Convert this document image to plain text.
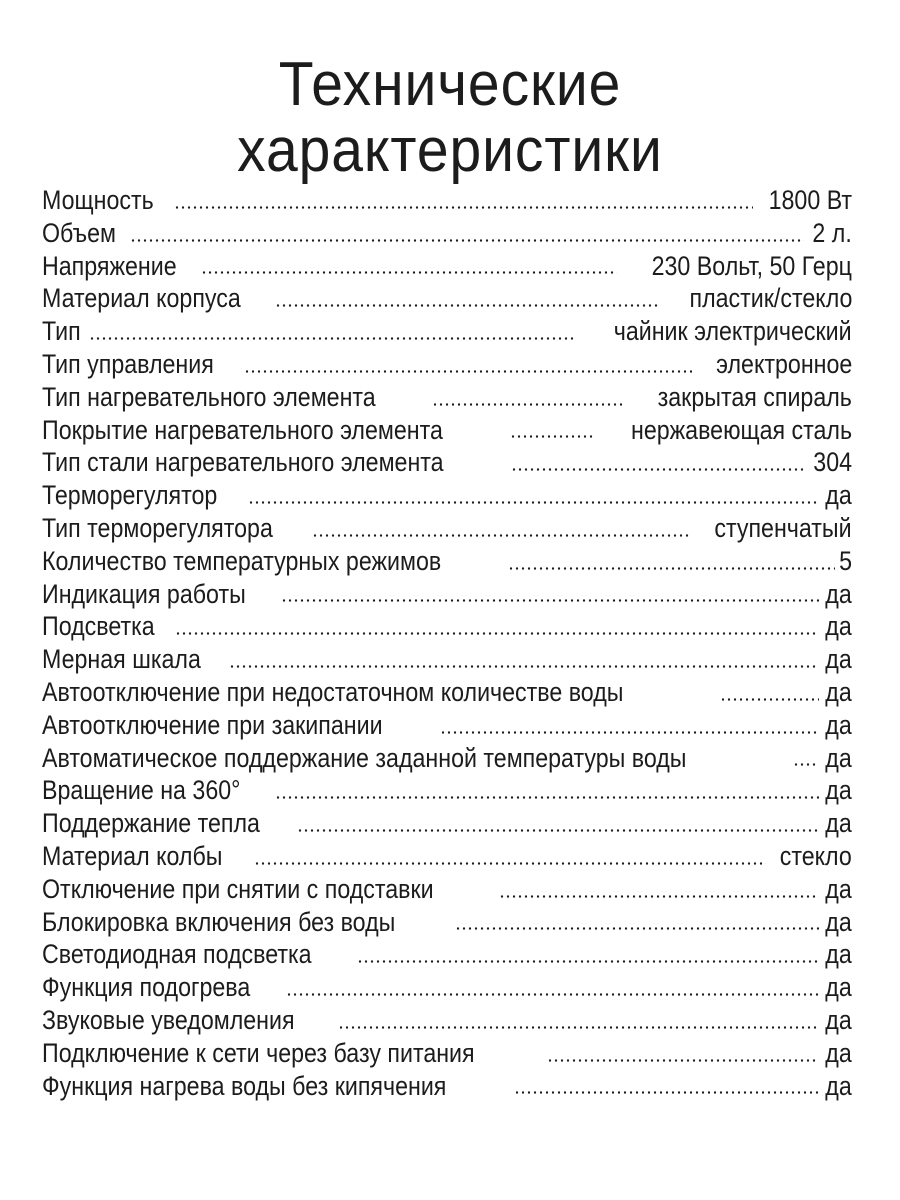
Технические
характеристики
Мощность	1800 Вт
Объем	2 л.
Напряжение	230 Вольт, 50 Герц
Материал корпуса	пластик/стекло
Тип	чайник электрический
Тип управления	электронное
Тип нагревательного элемента	закрытая спираль
Покрытие нагревательного элемента	нержавеющая сталь
Тип стали нагревательного элемента	304
Терморегулятор	да
Тип терморегулятора	ступенчатый
Количество температурных режимов	5
Индикация работы	да
Подсветка	да
Мерная шкала	да
Автоотключение при недостаточном количестве воды	да
Автоотключение при закипании	да
Автоматическое поддержание заданной температуры воды	да
Вращение на 360°	да
Поддержание тепла	да
Материал колбы	стекло
Отключение при снятии с подставки	да
Блокировка включения без воды	да
Светодиодная подсветка	да
Функция подогрева	да
Звуковые уведомления	да
Подключение к сети через базу питания	да
Функция нагрева воды без кипячения	да
